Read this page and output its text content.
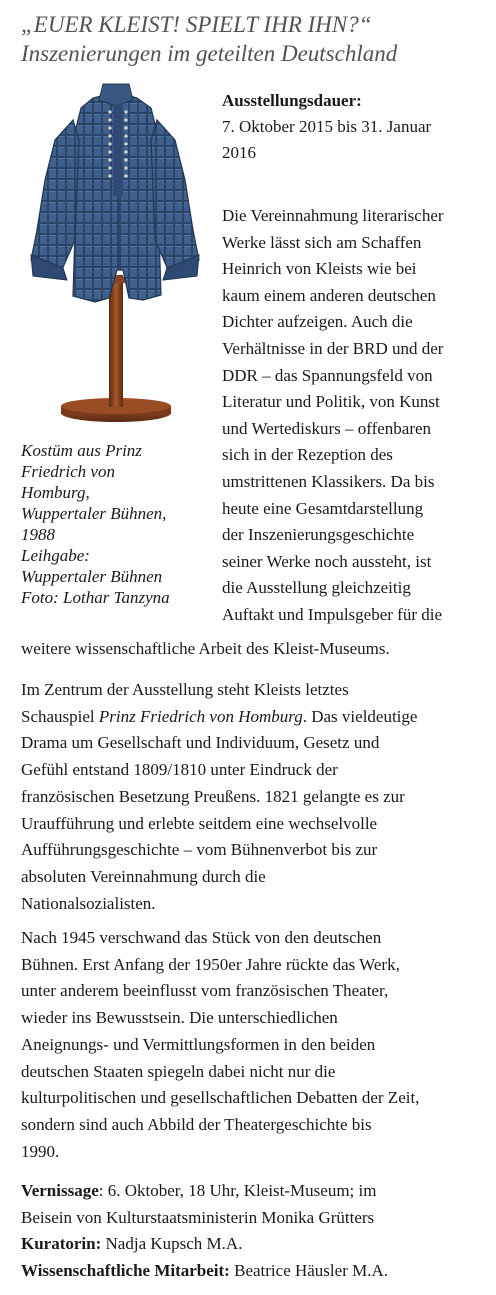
„EUER KLEIST! SPIELT IHR IHN?“
Inszenierungen im geteilten Deutschland
Kostüm aus Prinz
Friedrich von
Homburg,
Wuppertaler Bühnen,
1988
Leihgabe:
Wuppertaler Bühnen
Foto: Lothar Tanzyna
Ausstellungsdauer:
7. Oktober 2015 bis 31. Januar
2016
Die Vereinnahmung literarischer
Werke lässt sich am Schaffen
Heinrich von Kleists wie bei
kaum einem anderen deutschen
Dichter aufzeigen. Auch die
Verhältnisse in der BRD und der
DDR – das Spannungsfeld von
Literatur und Politik, von Kunst
und Wertediskurs – offenbaren
sich in der Rezeption des
umstrittenen Klassikers. Da bis
heute eine Gesamtdarstellung
der Inszenierungsgeschichte
seiner Werke noch aussteht, ist
die Ausstellung gleichzeitig
Auftakt und Impulsgeber für die
weitere wissenschaftliche Arbeit des Kleist-Museums.
Im Zentrum der Ausstellung steht Kleists letztes
Schauspiel Prinz Friedrich von Homburg. Das vieldeutige
Drama um Gesellschaft und Individuum, Gesetz und
Gefühl entstand 1809/1810 unter Eindruck der
französischen Besetzung Preußens. 1821 gelangte es zur
Uraufführung und erlebte seitdem eine wechselvolle
Aufführungsgeschichte – vom Bühnenverbot bis zur
absoluten Vereinnahmung durch die
Nationalsozialisten.
Nach 1945 verschwand das Stück von den deutschen
Bühnen. Erst Anfang der 1950er Jahre rückte das Werk,
unter anderem beeinflusst vom französischen Theater,
wieder ins Bewusstsein. Die unterschiedlichen
Aneignungs- und Vermittlungsformen in den beiden
deutschen Staaten spiegeln dabei nicht nur die
kulturpolitischen und gesellschaftlichen Debatten der Zeit,
sondern sind auch Abbild der Theatergeschichte bis
1990.
Vernissage: 6. Oktober, 18 Uhr, Kleist-Museum; im
Beisein von Kulturstaatsministerin Monika Grütters
Kuratorin: Nadja Kupsch M.A.
Wissenschaftliche Mitarbeit: Beatrice Häusler M.A.
